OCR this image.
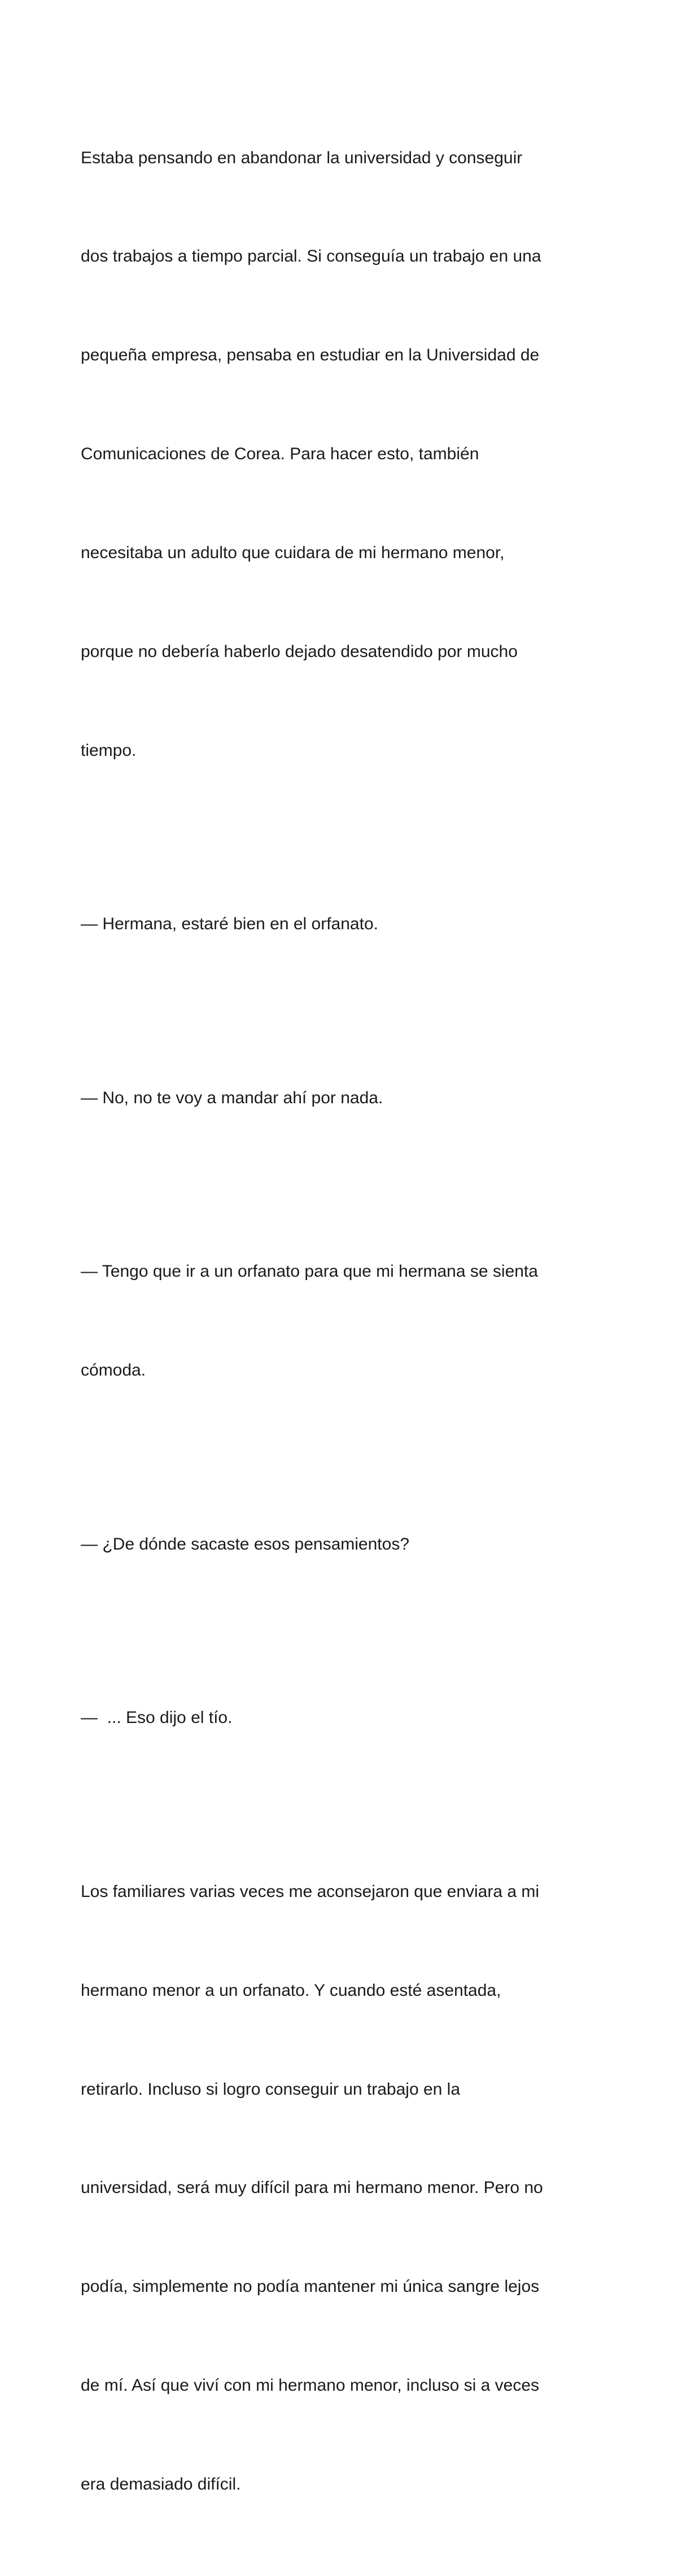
Estaba pensando en abandonar la universidad y conseguir

dos trabajos a tiempo parcial. Si conseguía un trabajo en una

pequeña empresa, pensaba en estudiar en la Universidad de

Comunicaciones de Corea. Para hacer esto, también

necesitaba un adulto que cuidara de mi hermano menor,

porque no debería haberlo dejado desatendido por mucho

tiempo.

— Hermana, estaré bien en el orfanato.

— No, no te voy a mandar ahí por nada.

— Tengo que ir a un orfanato para que mi hermana se sienta

cómoda.

— ¿De dónde sacaste esos pensamientos?

—  ... Eso dijo el tío.

Los familiares varias veces me aconsejaron que enviara a mi

hermano menor a un orfanato. Y cuando esté asentada,

retirarlo. Incluso si logro conseguir un trabajo en la

universidad, será muy difícil para mi hermano menor. Pero no

podía, simplemente no podía mantener mi única sangre lejos

de mí. Así que viví con mi hermano menor, incluso si a veces

era demasiado difícil.
